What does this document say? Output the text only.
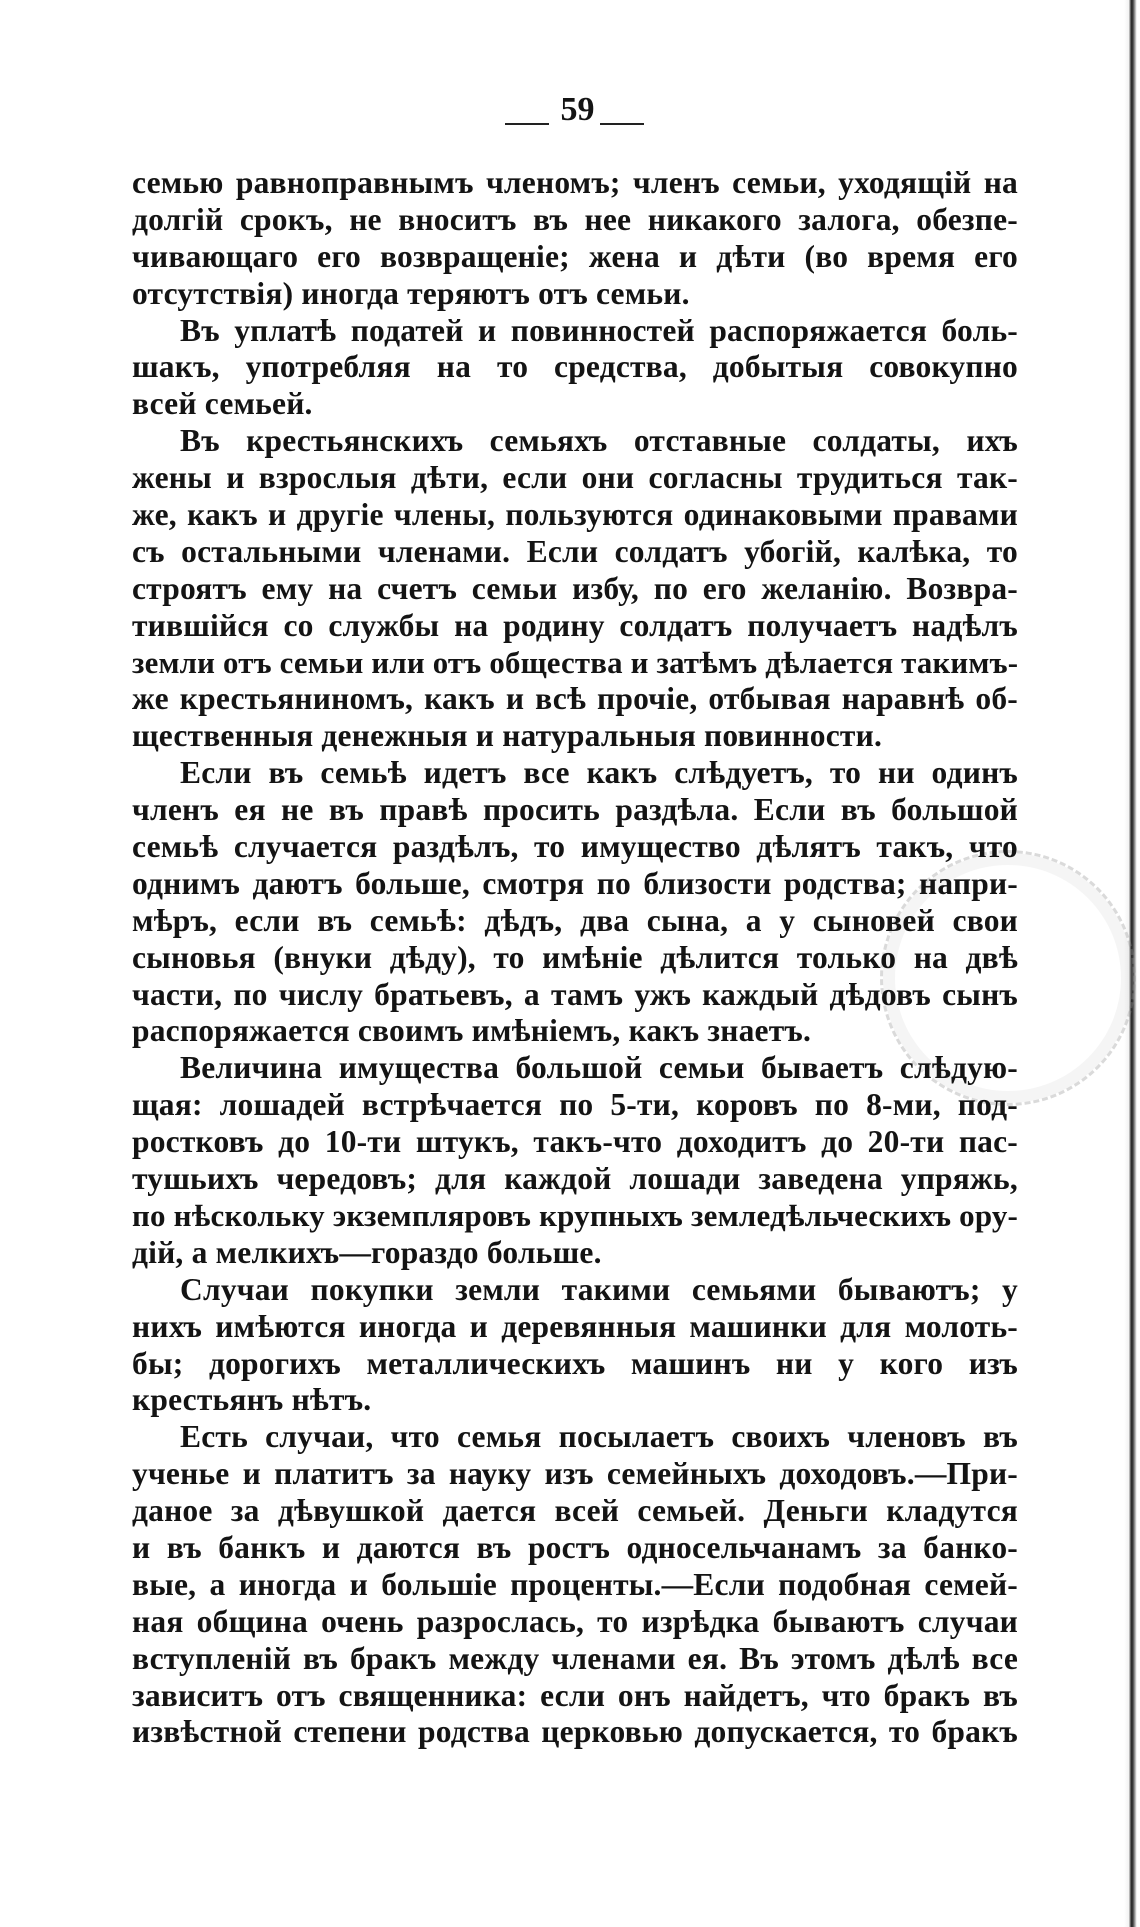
59
семью равноправнымъ членомъ; членъ семьи, уходящій на
долгій срокъ, не вноситъ въ нее никакого залога, обезпе-
чивающаго его возвращеніе; жена и дѣти (во время его
отсутствія) иногда теряютъ отъ семьи.
Въ уплатѣ податей и повинностей распоряжается боль-
шакъ, употребляя на то средства, добытыя совокупно
всей семьей.
Въ крестьянскихъ семьяхъ отставные солдаты, ихъ
жены и взрослыя дѣти, если они согласны трудиться так-
же, какъ и другіе члены, пользуются одинаковыми правами
съ остальными членами. Если солдатъ убогій, калѣка, то
строятъ ему на счетъ семьи избу, по его желанію. Возвра-
тившійся со службы на родину солдатъ получаетъ надѣлъ
земли отъ семьи или отъ общества и затѣмъ дѣлается такимъ-
же крестьяниномъ, какъ и всѣ прочіе, отбывая наравнѣ об-
щественныя денежныя и натуральныя повинности.
Если въ семьѣ идетъ все какъ слѣдуетъ, то ни одинъ
членъ ея не въ правѣ просить раздѣла. Если въ большой
семьѣ случается раздѣлъ, то имущество дѣлятъ такъ, что
однимъ даютъ больше, смотря по близости родства; напри-
мѣръ, если въ семьѣ: дѣдъ, два сына, а у сыновей свои
сыновья (внуки дѣду), то имѣніе дѣлится только на двѣ
части, по числу братьевъ, а тамъ ужъ каждый дѣдовъ сынъ
распоряжается своимъ имѣніемъ, какъ знаетъ.
Величина имущества большой семьи бываетъ слѣдую-
щая: лошадей встрѣчается по 5-ти, коровъ по 8-ми, под-
ростковъ до 10-ти штукъ, такъ-что доходитъ до 20-ти пас-
тушьихъ чередовъ; для каждой лошади заведена упряжь,
по нѣскольку экземпляровъ крупныхъ земледѣльческихъ ору-
дій, а мелкихъ—гораздо больше.
Случаи покупки земли такими семьями бываютъ; у
нихъ имѣются иногда и деревянныя машинки для молоть-
бы; дорогихъ металлическихъ машинъ ни у кого изъ
крестьянъ нѣтъ.
Есть случаи, что семья посылаетъ своихъ членовъ въ
ученье и платитъ за науку изъ семейныхъ доходовъ.—При-
даное за дѣвушкой дается всей семьей. Деньги кладутся
и въ банкъ и даются въ ростъ односельчанамъ за банко-
вые, а иногда и большіе проценты.—Если подобная семей-
ная община очень разрослась, то изрѣдка бываютъ случаи
вступленій въ бракъ между членами ея. Въ этомъ дѣлѣ все
зависитъ отъ священника: если онъ найдетъ, что бракъ въ
извѣстной степени родства церковью допускается, то бракъ
